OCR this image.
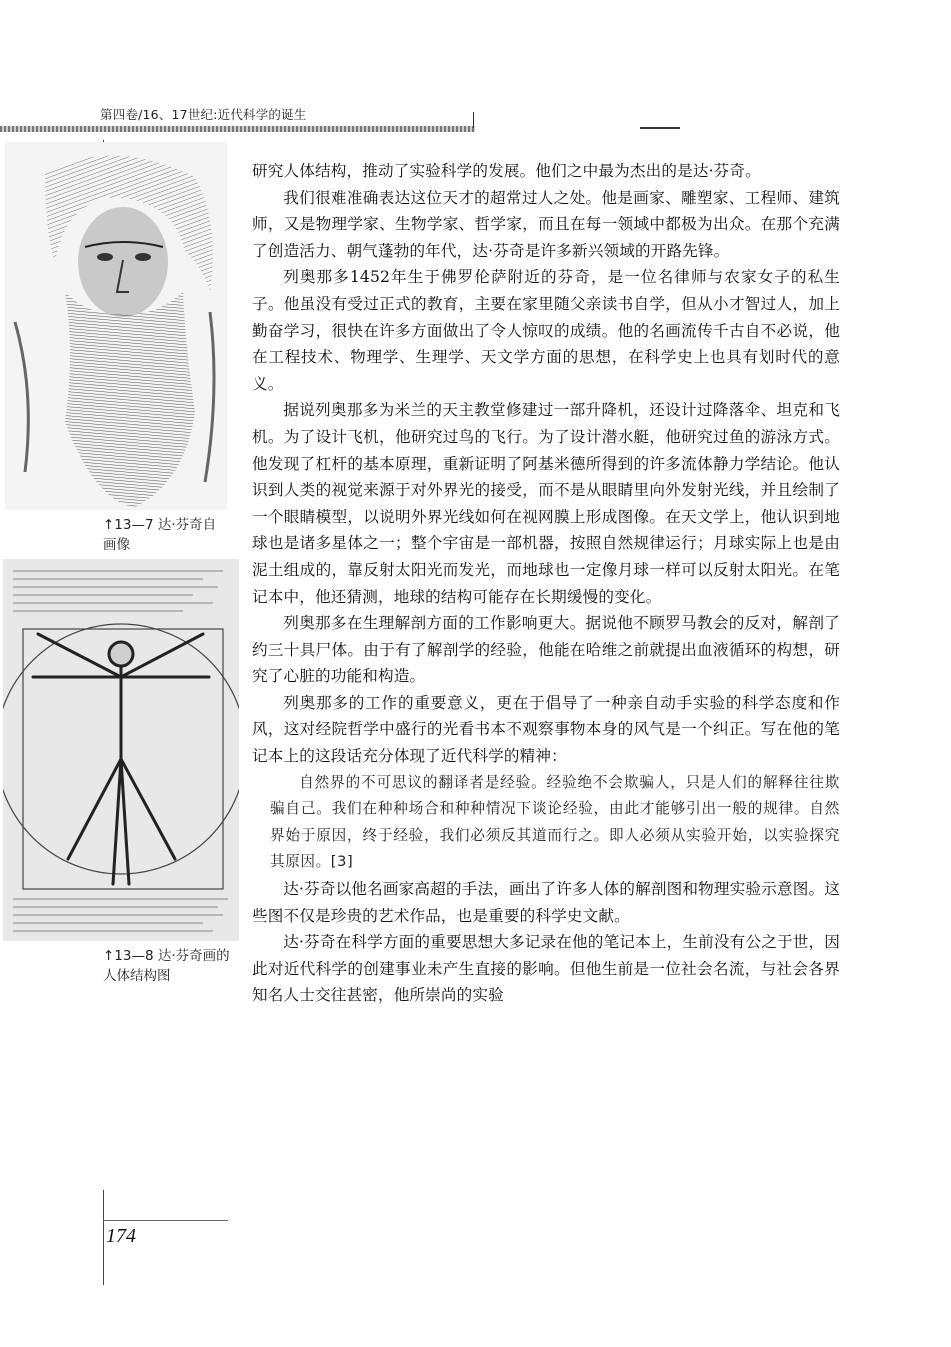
第四卷/16、17世纪:近代科学的诞生
↑13—7 达·芬奇自画像
↑13—8 达·芬奇画的人体结构图

研究人体结构，推动了实验科学的发展。他们之中最为杰出的是达·芬奇。

我们很难准确表达这位天才的超常过人之处。他是画家、雕塑家、工程师、建筑师，又是物理学家、生物学家、哲学家，而且在每一领域中都极为出众。在那个充满了创造活力、朝气蓬勃的年代，达·芬奇是许多新兴领域的开路先锋。

列奥那多1452年生于佛罗伦萨附近的芬奇，是一位名律师与农家女子的私生子。他虽没有受过正式的教育，主要在家里随父亲读书自学，但从小才智过人，加上勤奋学习，很快在许多方面做出了令人惊叹的成绩。他的名画流传千古自不必说，他在工程技术、物理学、生理学、天文学方面的思想，在科学史上也具有划时代的意义。

据说列奥那多为米兰的天主教堂修建过一部升降机，还设计过降落伞、坦克和飞机。为了设计飞机，他研究过鸟的飞行。为了设计潜水艇，他研究过鱼的游泳方式。他发现了杠杆的基本原理，重新证明了阿基米德所得到的许多流体静力学结论。他认识到人类的视觉来源于对外界光的接受，而不是从眼睛里向外发射光线，并且绘制了一个眼睛模型，以说明外界光线如何在视网膜上形成图像。在天文学上，他认识到地球也是诸多星体之一；整个宇宙是一部机器，按照自然规律运行；月球实际上也是由泥土组成的，靠反射太阳光而发光，而地球也一定像月球一样可以反射太阳光。在笔记本中，他还猜测，地球的结构可能存在长期缓慢的变化。

列奥那多在生理解剖方面的工作影响更大。据说他不顾罗马教会的反对，解剖了约三十具尸体。由于有了解剖学的经验，他能在哈维之前就提出血液循环的构想，研究了心脏的功能和构造。

列奥那多的工作的重要意义，更在于倡导了一种亲自动手实验的科学态度和作风，这对经院哲学中盛行的光看书本不观察事物本身的风气是一个纠正。写在他的笔记本上的这段话充分体现了近代科学的精神：

自然界的不可思议的翻译者是经验。经验绝不会欺骗人，只是人们的解释往往欺骗自己。我们在种种场合和种种情况下谈论经验，由此才能够引出一般的规律。自然界始于原因，终于经验，我们必须反其道而行之。即人必须从实验开始，以实验探究其原因。[3]

达·芬奇以他名画家高超的手法，画出了许多人体的解剖图和物理实验示意图。这些图不仅是珍贵的艺术作品，也是重要的科学史文献。

达·芬奇在科学方面的重要思想大多记录在他的笔记本上，生前没有公之于世，因此对近代科学的创建事业未产生直接的影响。但他生前是一位社会名流，与社会各界知名人士交往甚密，他所崇尚的实验

174
